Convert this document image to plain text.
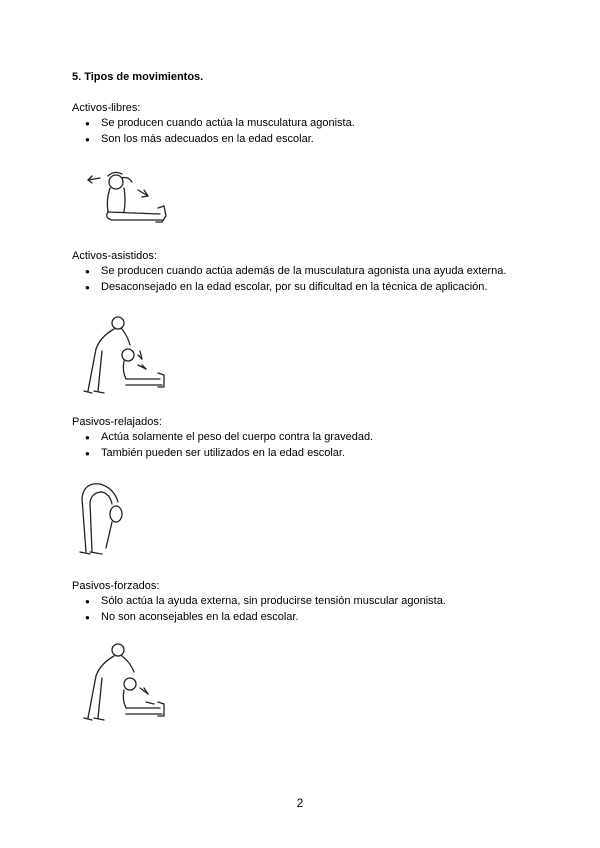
5. Tipos de movimientos.
Activos-libres:
● Se producen cuando actúa la musculatura agonista.
● Son los más adecuados en la edad escolar.
Activos-asistidos:
● Se producen cuando actúa además de la musculatura agonista una ayuda externa.
● Desaconsejado en la edad escolar, por su dificultad en la técnica de aplicación.
Pasivos-relajados:
● Actúa solamente el peso del cuerpo contra la gravedad.
● También pueden ser utilizados en la edad escolar.
Pasivos-forzados:
● Sólo actúa la ayuda externa, sin producirse tensión muscular agonista.
● No son aconsejables en la edad escolar.
2
